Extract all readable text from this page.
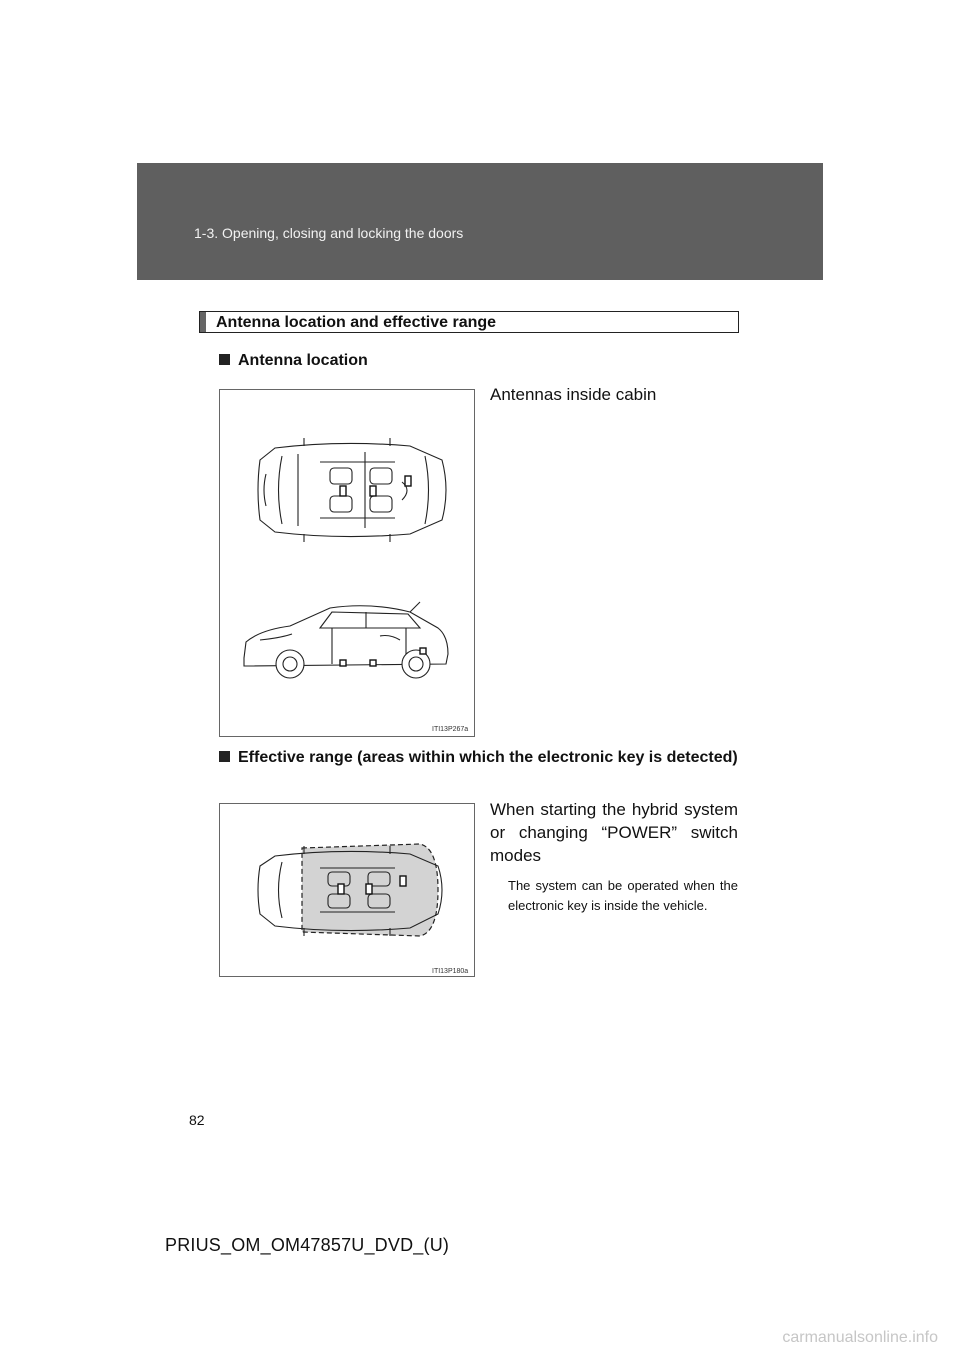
1-3. Opening, closing and locking the doors
Antenna location and effective range
Antenna location
Antennas inside cabin
ITI13P267a
Effective range (areas within which the electronic key is detected)
When starting the hybrid system or changing “POWER” switch modes
The system can be operated when the electronic key is inside the vehicle.
ITI13P180a
82
PRIUS_OM_OM47857U_DVD_(U)
carmanualsonline.info
